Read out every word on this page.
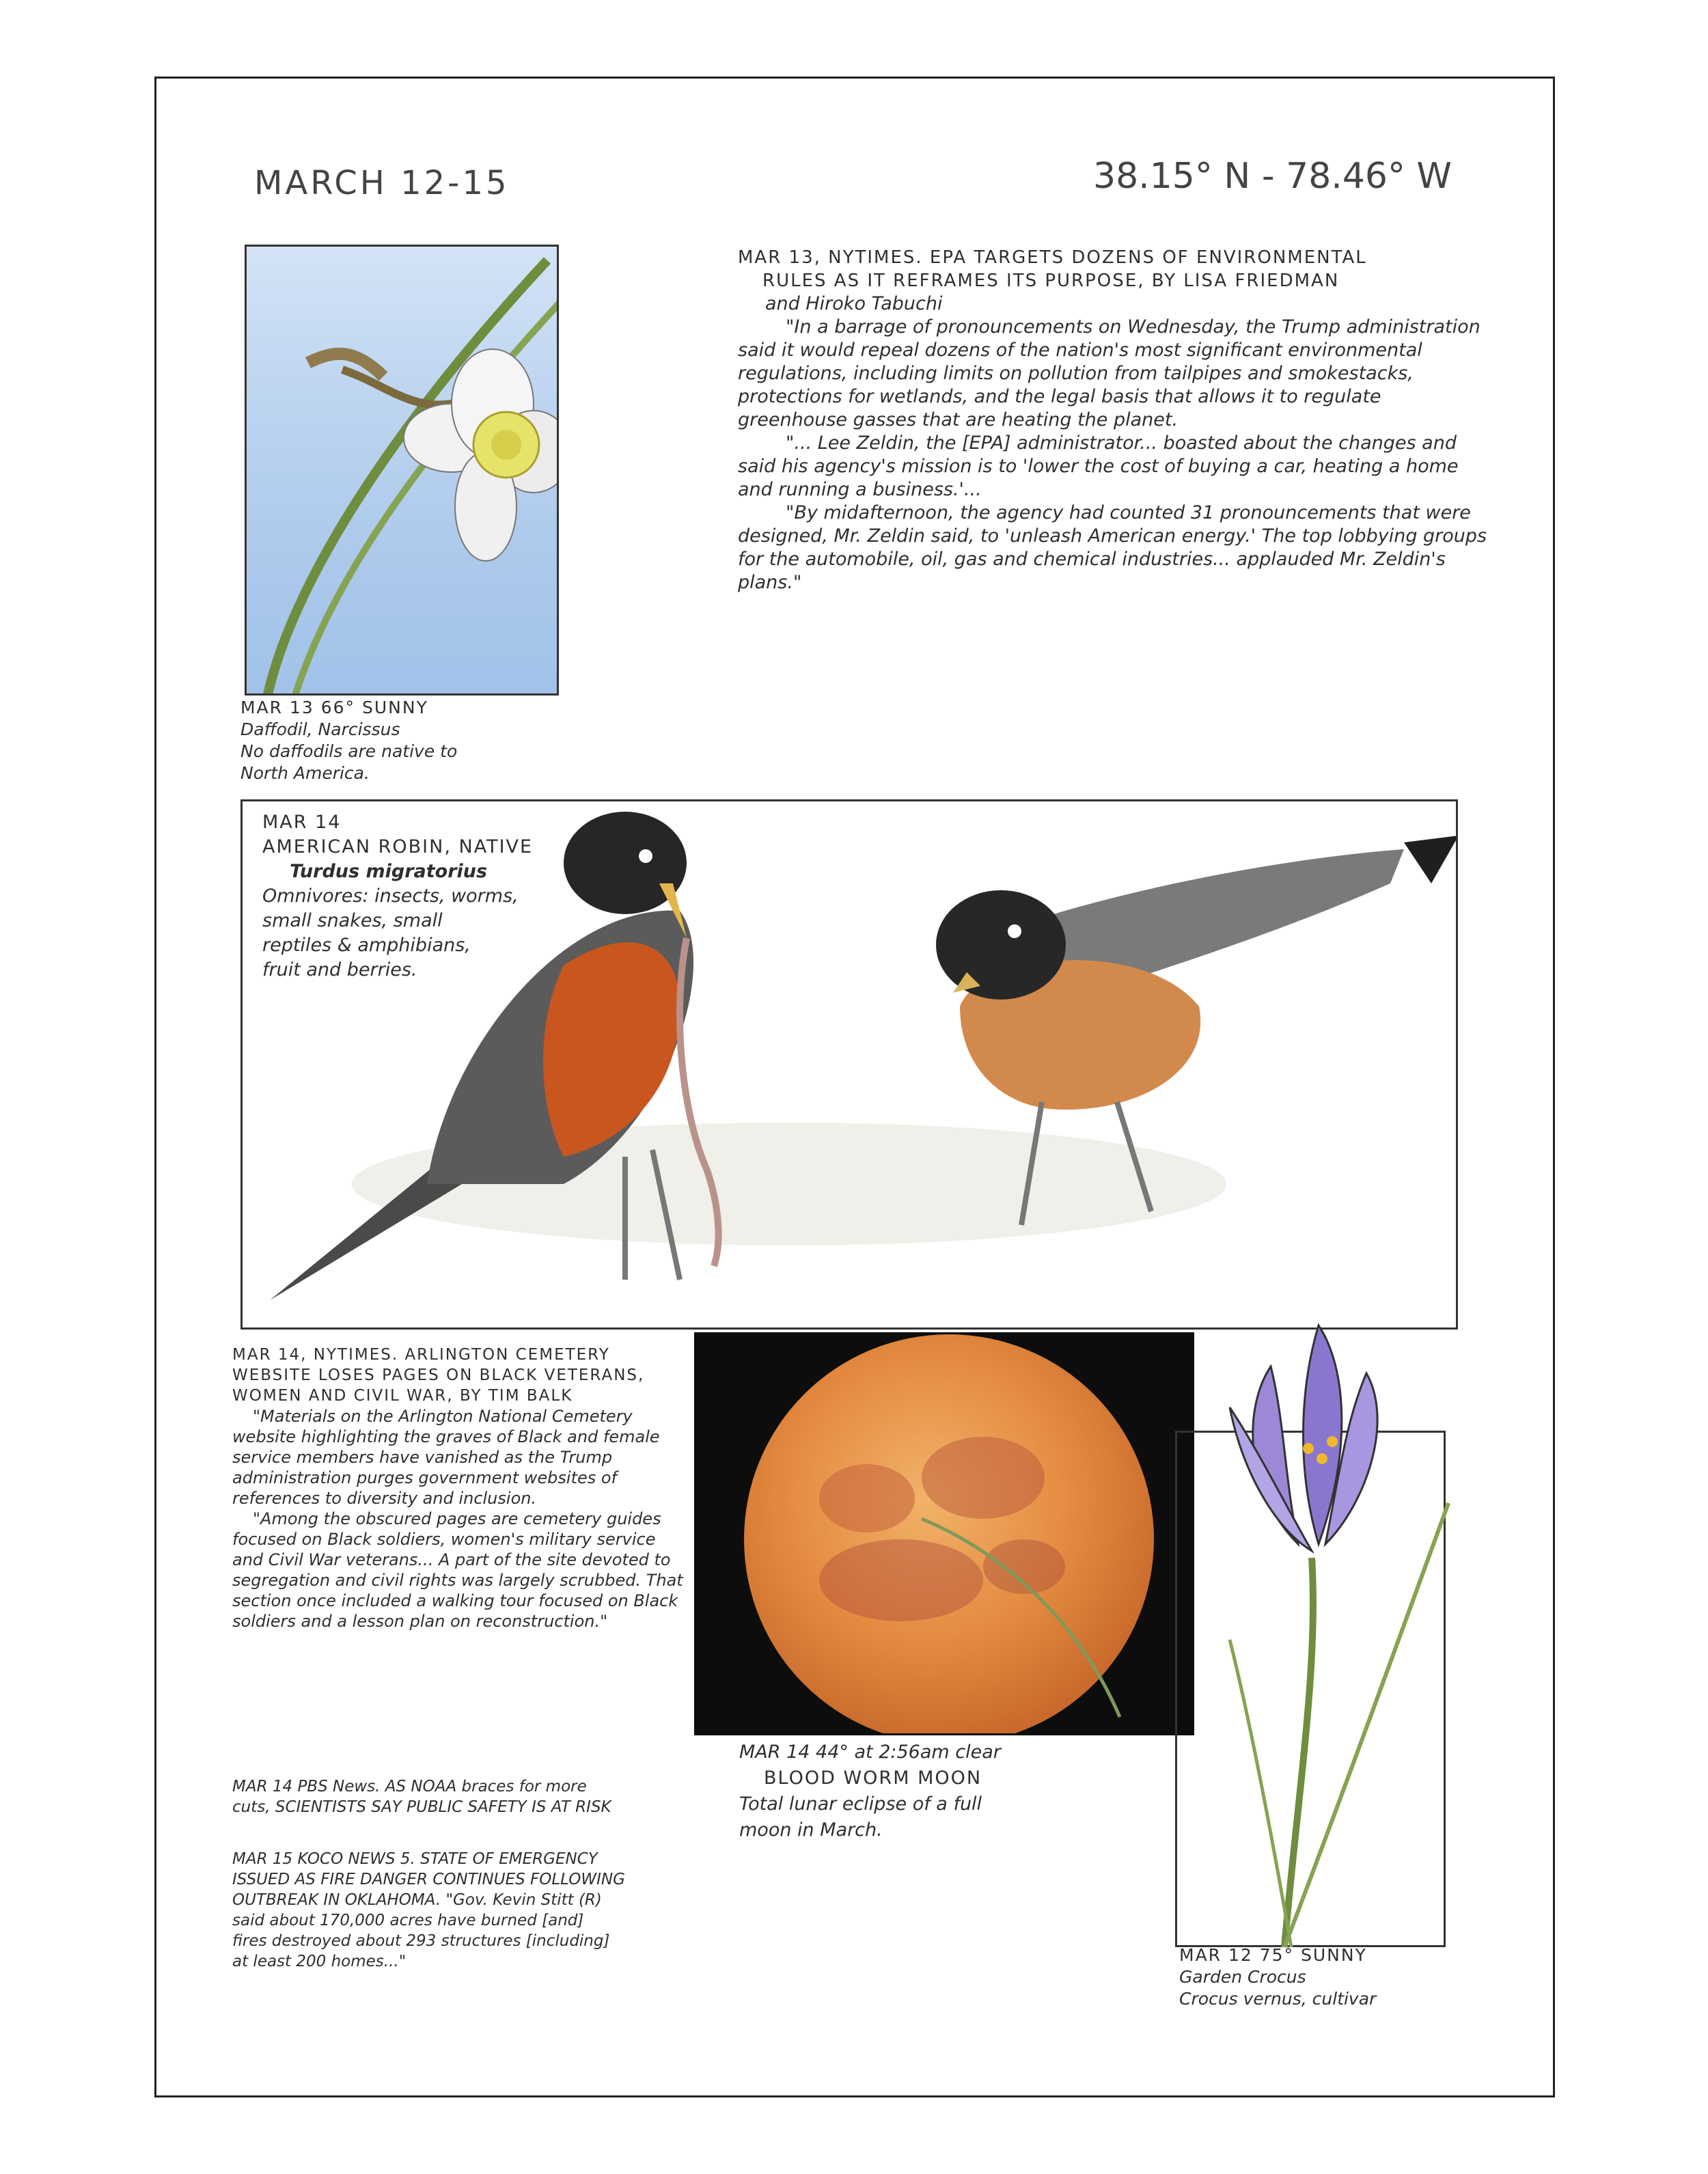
MARCH 12-15	38.15° N - 78.46° W
MAR 13 66° SUNNY
Daffodil, Narcissus
No daffodils are native to
North America.
MAR 13, NYTIMES. EPA TARGETS DOZENS OF ENVIRONMENTAL
RULES AS IT REFRAMES ITS PURPOSE, BY LISA FRIEDMAN
and Hiroko Tabuchi

"In a barrage of pronouncements on Wednesday, the Trump administration said it would repeal dozens of the nation's most significant environmental regulations, including limits on pollution from tailpipes and smokestacks, protections for wetlands, and the legal basis that allows it to regulate greenhouse gasses that are heating the planet.

"... Lee Zeldin, the [EPA] administrator... boasted about the changes and said his agency's mission is to 'lower the cost of buying a car, heating a home and running a business.'...

"By midafternoon, the agency had counted 31 pronouncements that were designed, Mr. Zeldin said, to 'unleash American energy.' The top lobbying groups for the automobile, oil, gas and chemical industries... applauded Mr. Zeldin's plans."

MAR 14
AMERICAN ROBIN, NATIVE
Turdus migratorius
Omnivores: insects, worms,
small snakes, small
reptiles & amphibians,
fruit and berries.
MAR 14, NYTIMES. ARLINGTON CEMETERY
WEBSITE LOSES PAGES ON BLACK VETERANS,
WOMEN AND CIVIL WAR, BY TIM BALK

"Materials on the Arlington National Cemetery website highlighting the graves of Black and female service members have vanished as the Trump administration purges government websites of references to diversity and inclusion.

"Among the obscured pages are cemetery guides focused on Black soldiers, women's military service and Civil War veterans... A part of the site devoted to segregation and civil rights was largely scrubbed. That section once included a walking tour focused on Black soldiers and a lesson plan on reconstruction."

MAR 14 PBS News. AS NOAA braces for more
cuts, SCIENTISTS SAY PUBLIC SAFETY IS AT RISK
MAR 15 KOCO NEWS 5. STATE OF EMERGENCY
ISSUED AS FIRE DANGER CONTINUES FOLLOWING
OUTBREAK IN OKLAHOMA. "Gov. Kevin Stitt (R)
said about 170,000 acres have burned [and]
fires destroyed about 293 structures [including]
at least 200 homes..."
MAR 14 44° at 2:56am clear
BLOOD WORM MOON
Total lunar eclipse of a full
moon in March.
MAR 12 75° SUNNY
Garden Crocus
Crocus vernus, cultivar
